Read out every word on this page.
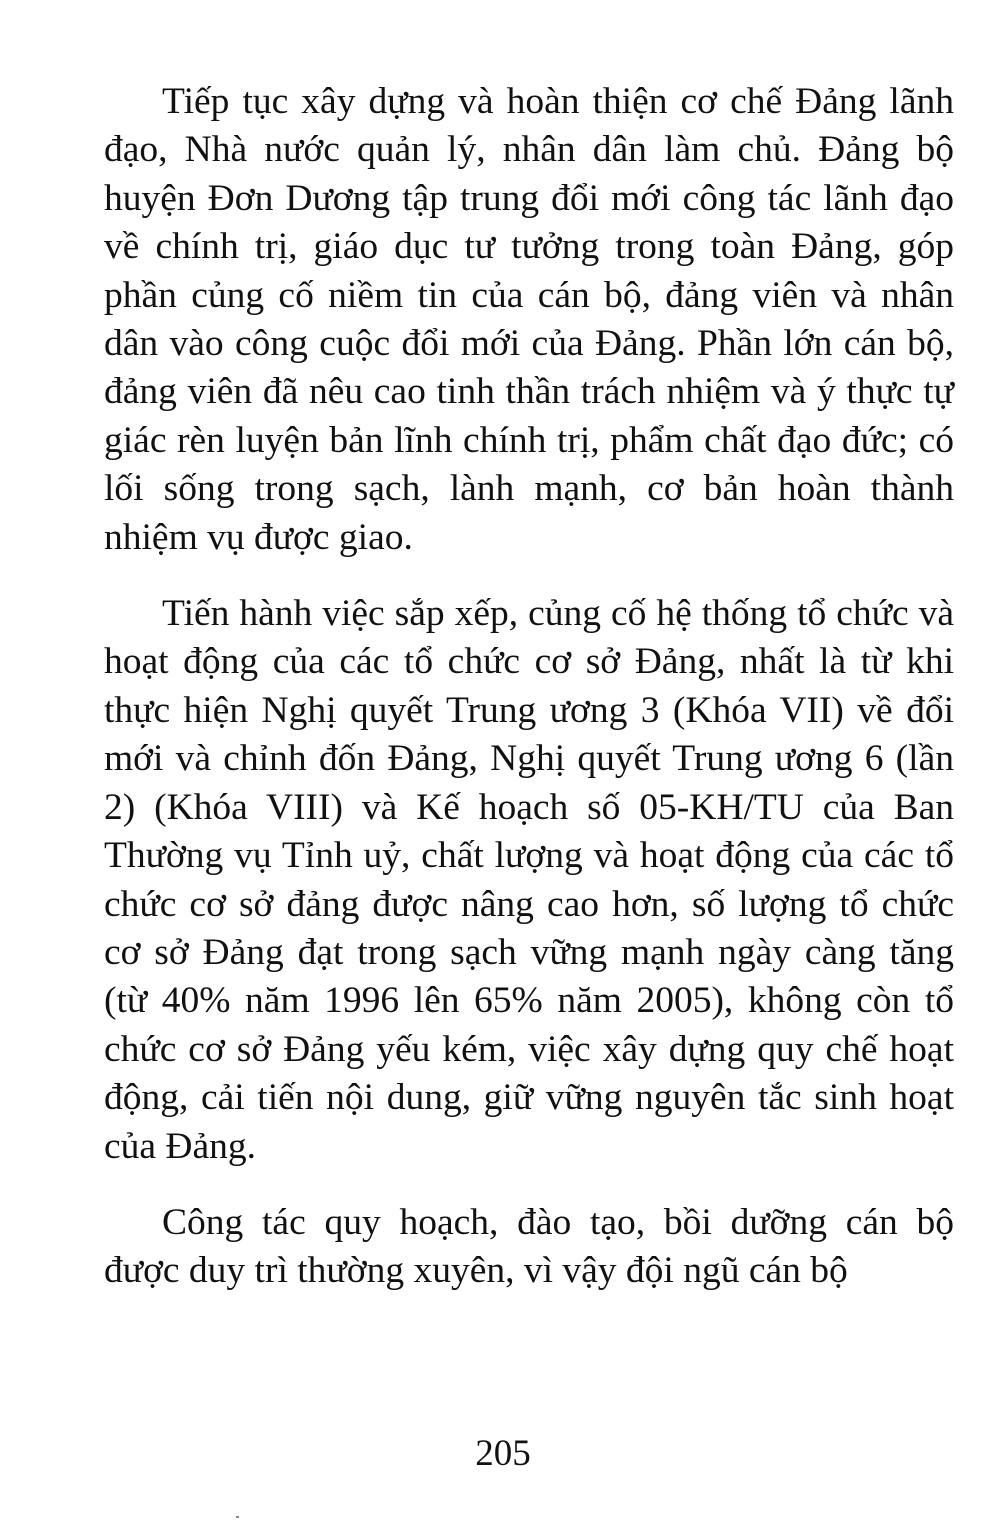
Tiếp tục xây dựng và hoàn thiện cơ chế Đảng lãnh đạo, Nhà nước quản lý, nhân dân làm chủ. Đảng bộ huyện Đơn Dương tập trung đổi mới công tác lãnh đạo về chính trị, giáo dục tư tưởng trong toàn Đảng, góp phần củng cố niềm tin của cán bộ, đảng viên và nhân dân vào công cuộc đổi mới của Đảng. Phần lớn cán bộ, đảng viên đã nêu cao tinh thần trách nhiệm và ý thực tự giác rèn luyện bản lĩnh chính trị, phẩm chất đạo đức; có lối sống trong sạch, lành mạnh, cơ bản hoàn thành nhiệm vụ được giao.

Tiến hành việc sắp xếp, củng cố hệ thống tổ chức và hoạt động của các tổ chức cơ sở Đảng, nhất là từ khi thực hiện Nghị quyết Trung ương 3 (Khóa VII) về đổi mới và chỉnh đốn Đảng, Nghị quyết Trung ương 6 (lần 2) (Khóa VIII) và Kế hoạch số 05-KH/TU của Ban Thường vụ Tỉnh uỷ, chất lượng và hoạt động của các tổ chức cơ sở đảng được nâng cao hơn, số lượng tổ chức cơ sở Đảng đạt trong sạch vững mạnh ngày càng tăng (từ 40% năm 1996 lên 65% năm 2005), không còn tổ chức cơ sở Đảng yếu kém, việc xây dựng quy chế hoạt động, cải tiến nội dung, giữ vững nguyên tắc sinh hoạt của Đảng.

Công tác quy hoạch, đào tạo, bồi dưỡng cán bộ được duy trì thường xuyên, vì vậy đội ngũ cán bộ

205
